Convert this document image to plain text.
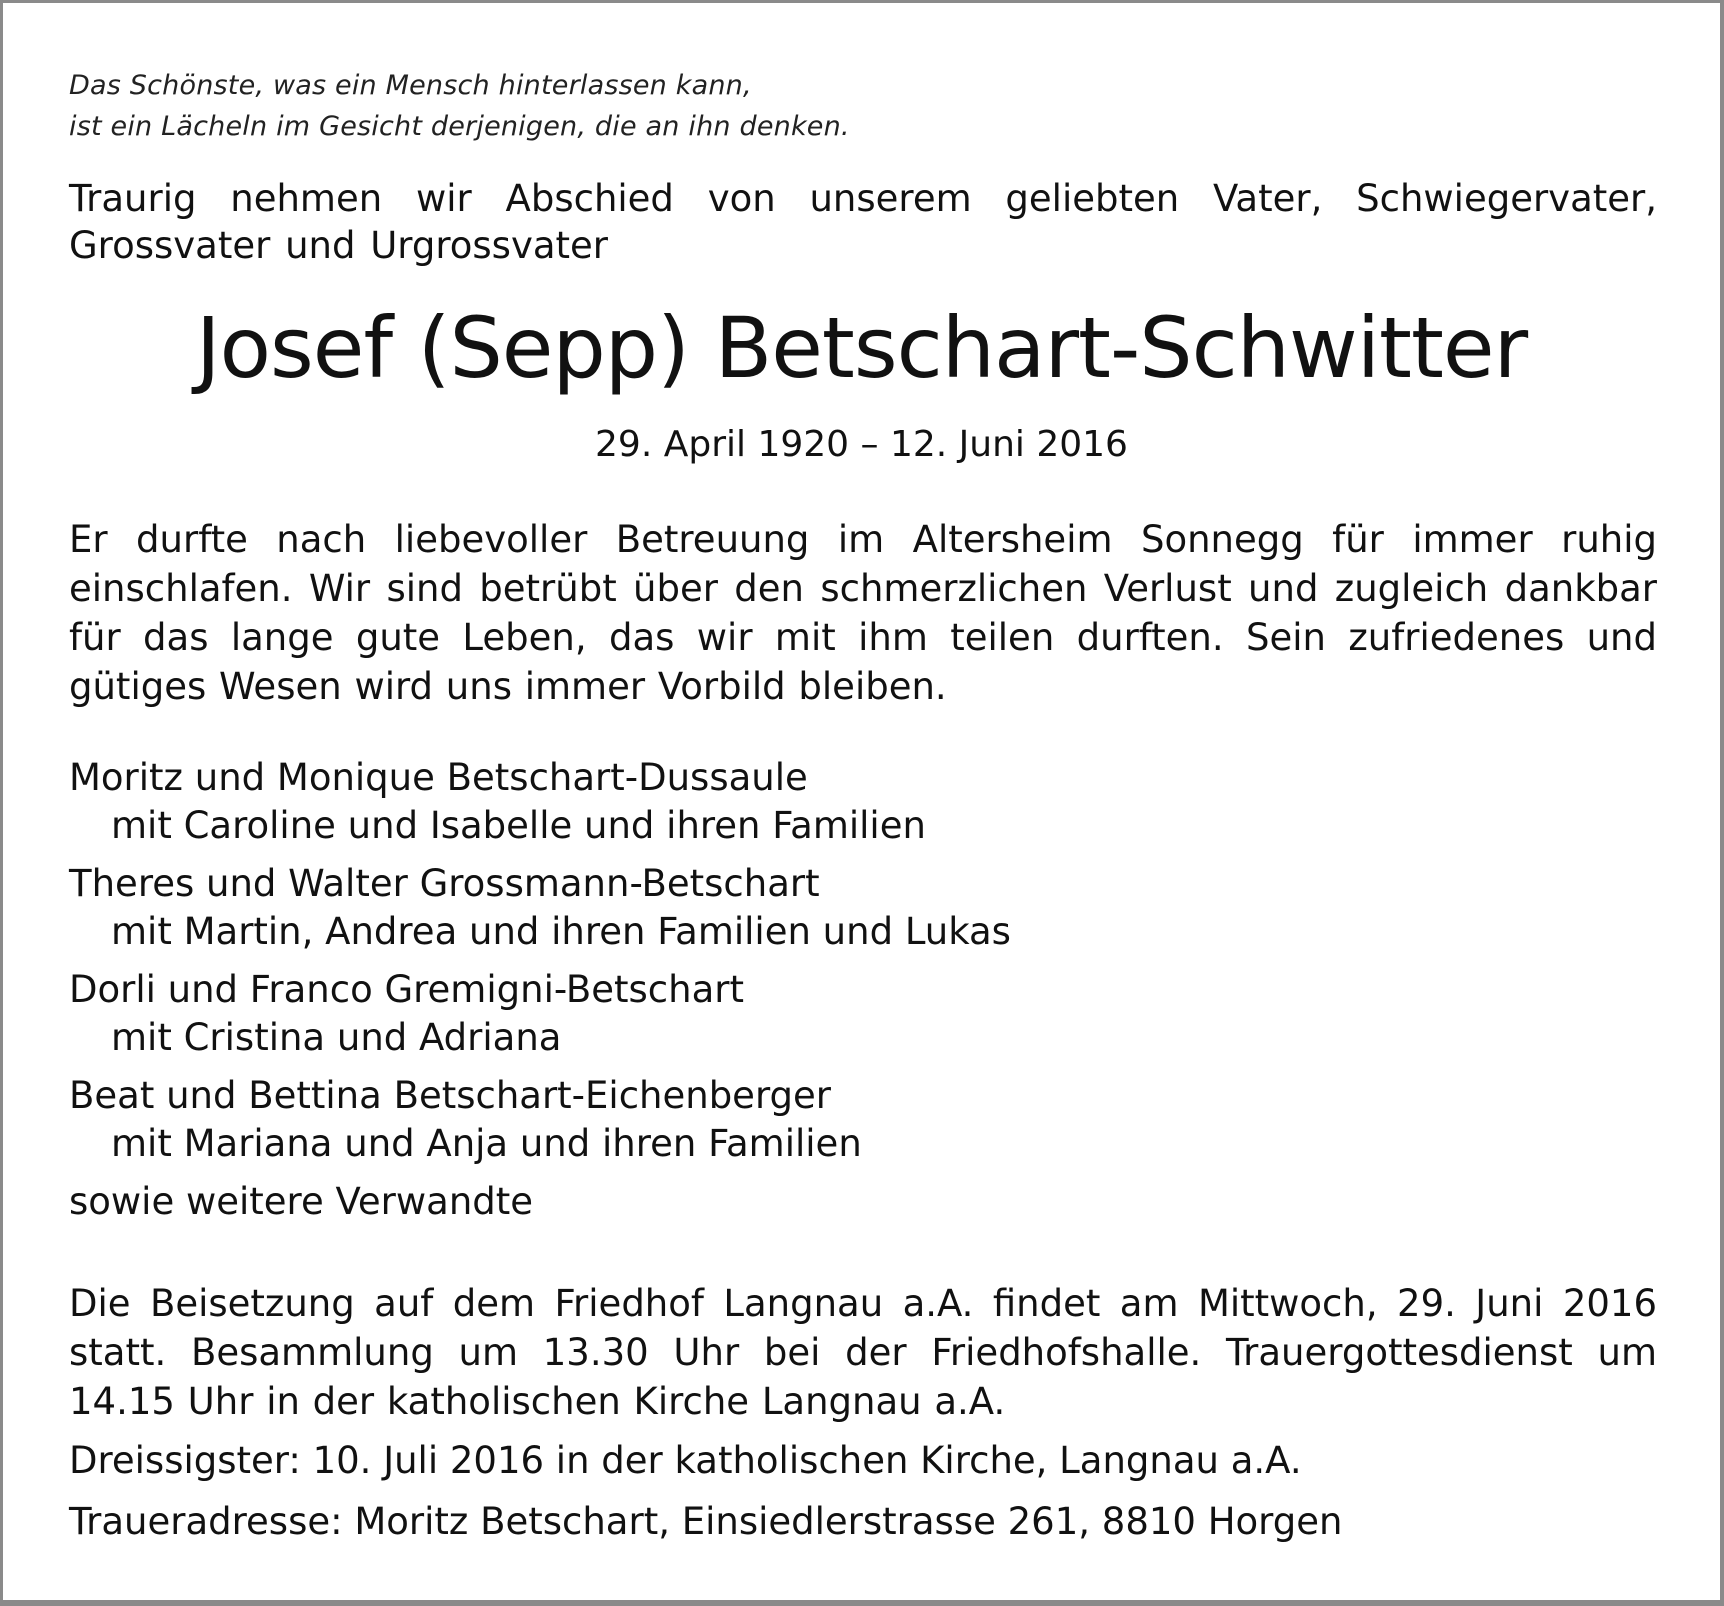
Das Schönste, was ein Mensch hinterlassen kann,
ist ein Lächeln im Gesicht derjenigen, die an ihn denken.
Traurig nehmen wir Abschied von unserem geliebten Vater, Schwiegervater, Grossvater und Urgrossvater
Josef (Sepp) Betschart-Schwitter
29. April 1920 – 12. Juni 2016
Er durfte nach liebevoller Betreuung im Altersheim Sonnegg für immer ruhig einschlafen. Wir sind betrübt über den schmerzlichen Verlust und zugleich dankbar für das lange gute Leben, das wir mit ihm teilen durften. Sein zufriedenes und gütiges Wesen wird uns immer Vorbild bleiben.
Moritz und Monique Betschart-Dussaule
mit Caroline und Isabelle und ihren Familien
Theres und Walter Grossmann-Betschart
mit Martin, Andrea und ihren Familien und Lukas
Dorli und Franco Gremigni-Betschart
mit Cristina und Adriana
Beat und Bettina Betschart-Eichenberger
mit Mariana und Anja und ihren Familien
sowie weitere Verwandte
Die Beisetzung auf dem Friedhof Langnau a.A. findet am Mittwoch, 29. Juni 2016 statt. Besammlung um 13.30 Uhr bei der Friedhofshalle. Trauergottesdienst um 14.15 Uhr in der katholischen Kirche Langnau a.A.
Dreissigster: 10. Juli 2016 in der katholischen Kirche, Langnau a.A.
Traueradresse: Moritz Betschart, Einsiedlerstrasse 261, 8810 Horgen
